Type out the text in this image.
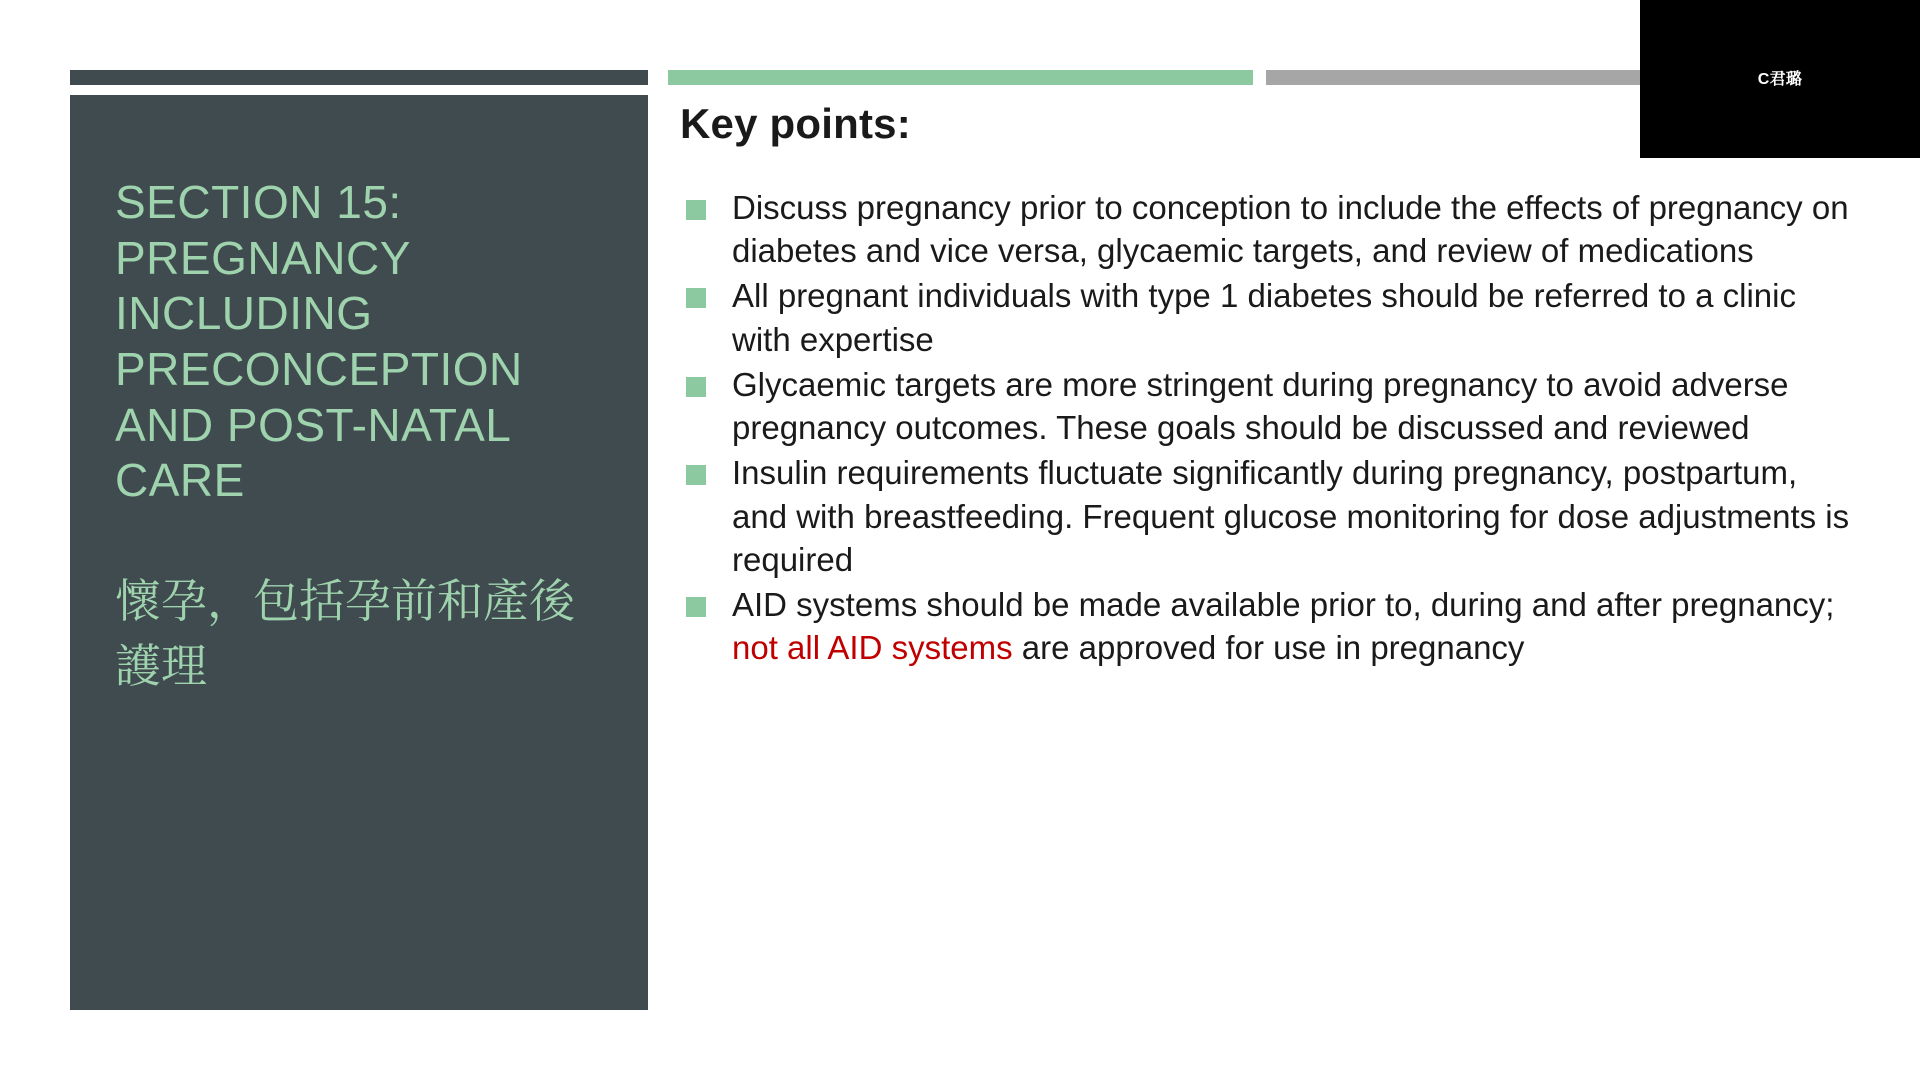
SECTION 15: PREGNANCY INCLUDING PRECONCEPTION AND POST-NATAL CARE
懷孕，包括孕前和產後護理
Key points:
Discuss pregnancy prior to conception to include the effects of pregnancy on diabetes and vice versa, glycaemic targets, and review of medications
All pregnant individuals with type 1 diabetes should be referred to a clinic with expertise
Glycaemic targets are more stringent during pregnancy to avoid adverse pregnancy outcomes. These goals should be discussed and reviewed
Insulin requirements fluctuate significantly during pregnancy, postpartum, and with breastfeeding. Frequent glucose monitoring for dose adjustments is required
AID systems should be made available prior to, during and after pregnancy; not all AID systems are approved for use in pregnancy
C君璐
